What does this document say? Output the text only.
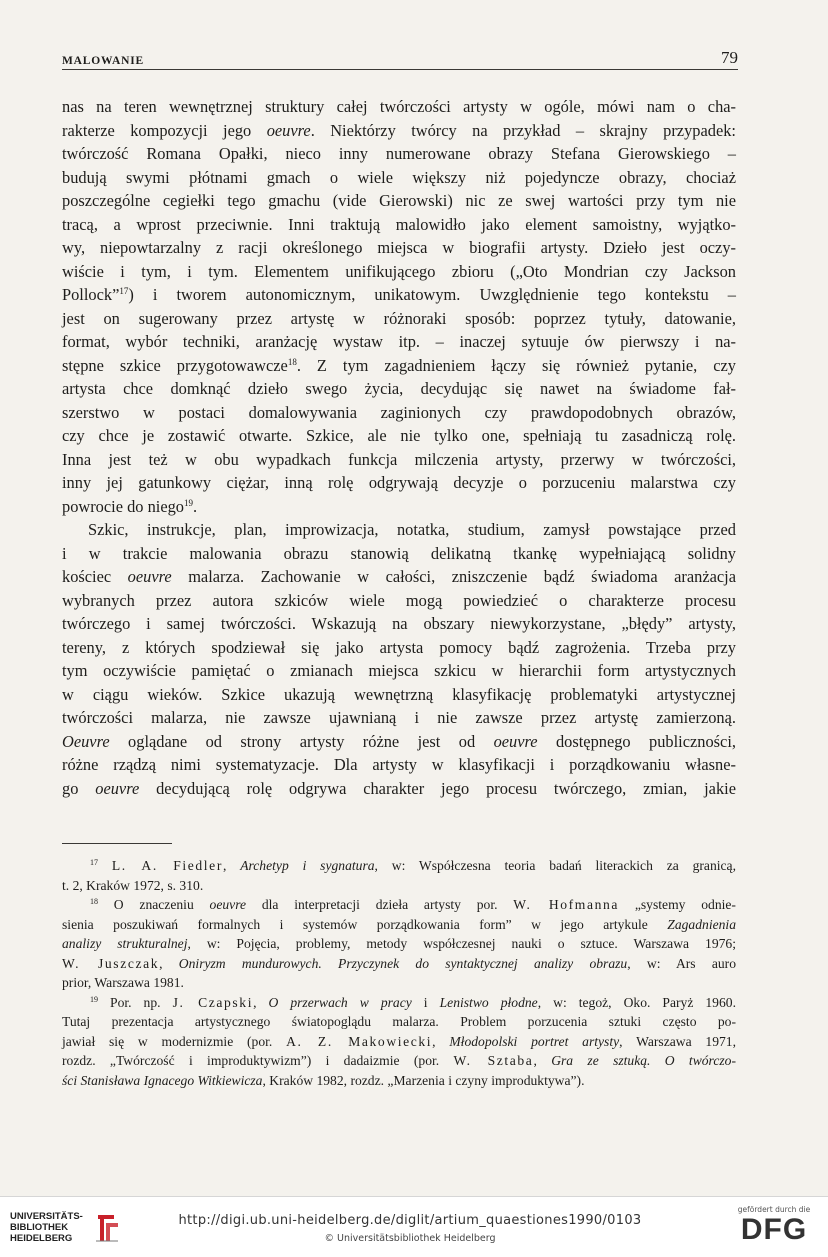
MALOWANIE	79

nas na teren wewnętrznej struktury całej twórczości artysty w ogóle, mówi nam o cha-
rakterze kompozycji jego oeuvre. Niektórzy twórcy na przykład – skrajny przypadek:
twórczość Romana Opałki, nieco inny numerowane obrazy Stefana Gierowskiego –
budują swymi płótnami gmach o wiele większy niż pojedyncze obrazy, chociaż
poszczególne cegiełki tego gmachu (vide Gierowski) nic ze swej wartości przy tym nie
tracą, a wprost przeciwnie. Inni traktują malowidło jako element samoistny, wyjątko-
wy, niepowtarzalny z racji określonego miejsca w biografii artysty. Dzieło jest oczy-
wiście i tym, i tym. Elementem unifikującego zbioru („Oto Mondrian czy Jackson
Pollock”$^{17}$) i tworem autonomicznym, unikatowym. Uwzględnienie tego kontekstu –
jest on sugerowany przez artystę w różnoraki sposób: poprzez tytuły, datowanie,
format, wybór techniki, aranżację wystaw itp. – inaczej sytuuje ów pierwszy i na-
stępne szkice przygotowawcze$^{18}$. Z tym zagadnieniem łączy się również pytanie, czy
artysta chce domknąć dzieło swego życia, decydując się nawet na świadome fał-
szerstwo w postaci domalowywania zaginionych czy prawdopodobnych obrazów,
czy chce je zostawić otwarte. Szkice, ale nie tylko one, spełniają tu zasadniczą rolę.
Inna jest też w obu wypadkach funkcja milczenia artysty, przerwy w twórczości,
inny jej gatunkowy ciężar, inną rolę odgrywają decyzje o porzuceniu malarstwa czy
powrocie do niego$^{19}$.

Szkic, instrukcje, plan, improwizacja, notatka, studium, zamysł powstające przed
i w trakcie malowania obrazu stanowią delikatną tkankę wypełniającą solidny
kościec oeuvre malarza. Zachowanie w całości, zniszczenie bądź świadoma aranżacja
wybranych przez autora szkiców wiele mogą powiedzieć o charakterze procesu
twórczego i samej twórczości. Wskazują na obszary niewykorzystane, „błędy” artysty,
tereny, z których spodziewał się jako artysta pomocy bądź zagrożenia. Trzeba przy
tym oczywiście pamiętać o zmianach miejsca szkicu w hierarchii form artystycznych
w ciągu wieków. Szkice ukazują wewnętrzną klasyfikację problematyki artystycznej
twórczości malarza, nie zawsze ujawnianą i nie zawsze przez artystę zamierzoną.
Oeuvre oglądane od strony artysty różne jest od oeuvre dostępnego publiczności,
różne rządzą nimi systematyzacje. Dla artysty w klasyfikacji i porządkowaniu własne-
go oeuvre decydującą rolę odgrywa charakter jego procesu twórczego, zmian, jakie

$^{17}$ L. A. Fiedler, Archetyp i sygnatura, w: Współczesna teoria badań literackich za granicą,
t. 2, Kraków 1972, s. 310.
$^{18}$ O znaczeniu oeuvre dla interpretacji dzieła artysty por. W. Hofmanna „systemy odnie-
sienia poszukiwań formalnych i systemów porządkowania form” w jego artykule Zagadnienia
analizy strukturalnej, w: Pojęcia, problemy, metody współczesnej nauki o sztuce. Warszawa 1976;
W. Juszczak, Oniryzm mundurowych. Przyczynek do syntaktycznej analizy obrazu, w: Ars auro
prior, Warszawa 1981.
$^{19}$ Por. np. J. Czapski, O przerwach w pracy i Lenistwo płodne, w: tegoż, Oko. Paryż 1960.
Tutaj prezentacja artystycznego światopoglądu malarza. Problem porzucenia sztuki często po-
jawiał się w modernizmie (por. A. Z. Makowiecki, Młodopolski portret artysty, Warszawa 1971,
rozdz. „Twórczość i improduktywizm”) i dadaizmie (por. W. Sztaba, Gra ze sztuką. O twórczo-
ści Stanisława Ignacego Witkiewicza, Kraków 1982, rozdz. „Marzenia i czyny improduktywa”).
UNIVERSITÄTS-
BIBLIOTHEK
HEIDELBERG
http://digi.ub.uni-heidelberg.de/diglit/artium_quaestiones1990/0103
© Universitätsbibliothek Heidelberg
gefördert durch die
DFG
